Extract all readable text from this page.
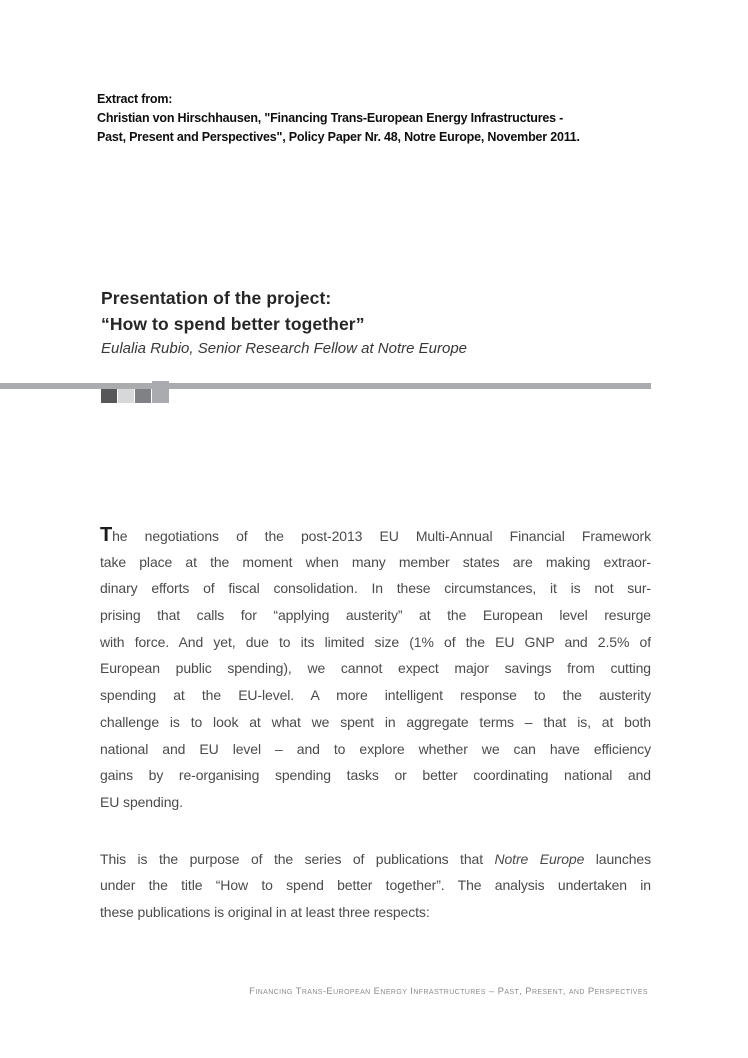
Extract from:
Christian von Hirschhausen, "Financing Trans-European Energy Infrastructures -
Past, Present and Perspectives", Policy Paper Nr. 48, Notre Europe, November 2011.
Presentation of the project:
“How to spend better together”
Eulalia Rubio, Senior Research Fellow at Notre Europe
The negotiations of the post-2013 EU Multi-Annual Financial Framework
take place at the moment when many member states are making extraor-
dinary efforts of fiscal consolidation. In these circumstances, it is not sur-
prising that calls for “applying austerity” at the European level resurge
with force. And yet, due to its limited size (1% of the EU GNP and 2.5% of
European public spending), we cannot expect major savings from cutting
spending at the EU-level. A more intelligent response to the austerity
challenge is to look at what we spent in aggregate terms – that is, at both
national and EU level – and to explore whether we can have efficiency
gains by re-organising spending tasks or better coordinating national and
EU spending.
This is the purpose of the series of publications that Notre Europe launches
under the title “How to spend better together”. The analysis undertaken in
these publications is original in at least three respects:
Financing Trans-European Energy Infrastructures – Past, Present, and Perspectives
